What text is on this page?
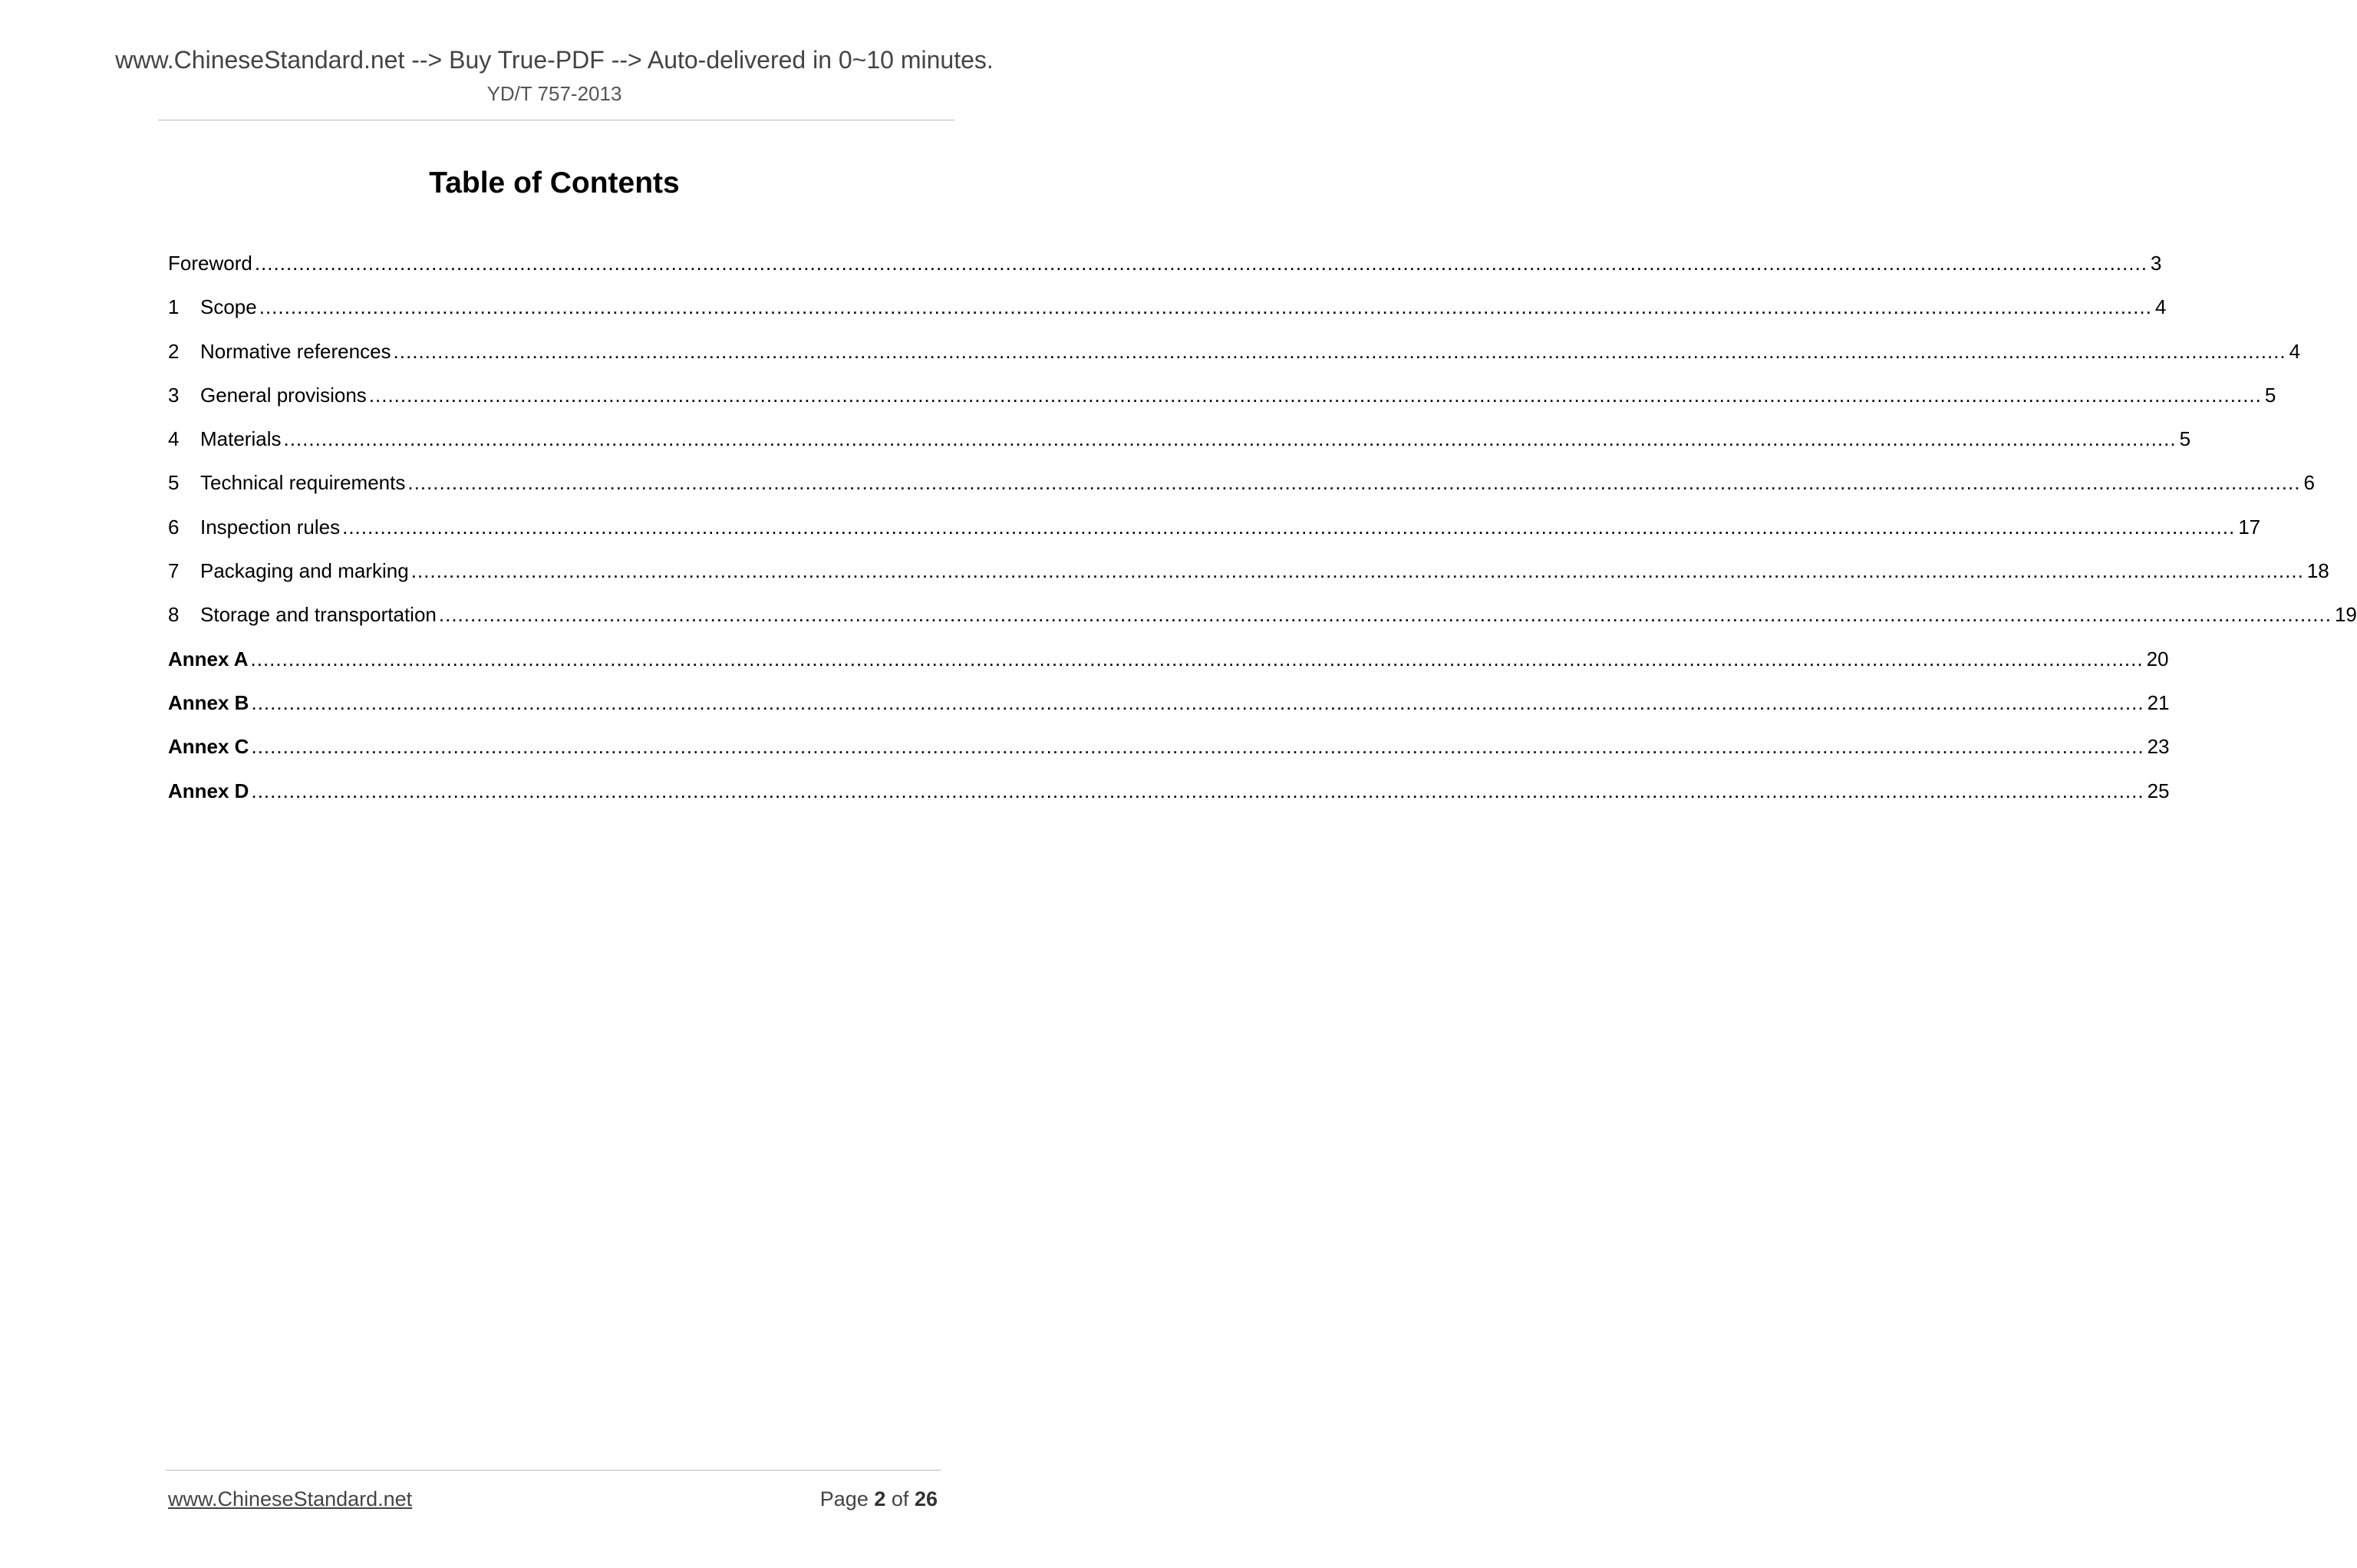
www.ChineseStandard.net --> Buy True-PDF --> Auto-delivered in 0~10 minutes.
YD/T 757-2013
Table of Contents
Foreword ............................................................................................................................................................................................................................................................................................................ 3
1	Scope ............................................................................................................................................................................................................................................................................................................ 4
2	Normative references ............................................................................................................................................................................................................................................................................................................ 4
3	General provisions ............................................................................................................................................................................................................................................................................................................ 5
4	Materials ............................................................................................................................................................................................................................................................................................................ 5
5	Technical requirements ............................................................................................................................................................................................................................................................................................................ 6
6	Inspection rules ............................................................................................................................................................................................................................................................................................................ 17
7	Packaging and marking ............................................................................................................................................................................................................................................................................................................ 18
8	Storage and transportation ............................................................................................................................................................................................................................................................................................................ 19
Annex A ............................................................................................................................................................................................................................................................................................................ 20
Annex B ............................................................................................................................................................................................................................................................................................................ 21
Annex C ............................................................................................................................................................................................................................................................................................................ 23
Annex D ............................................................................................................................................................................................................................................................................................................ 25
www.ChineseStandard.net	Page 2 of 26
